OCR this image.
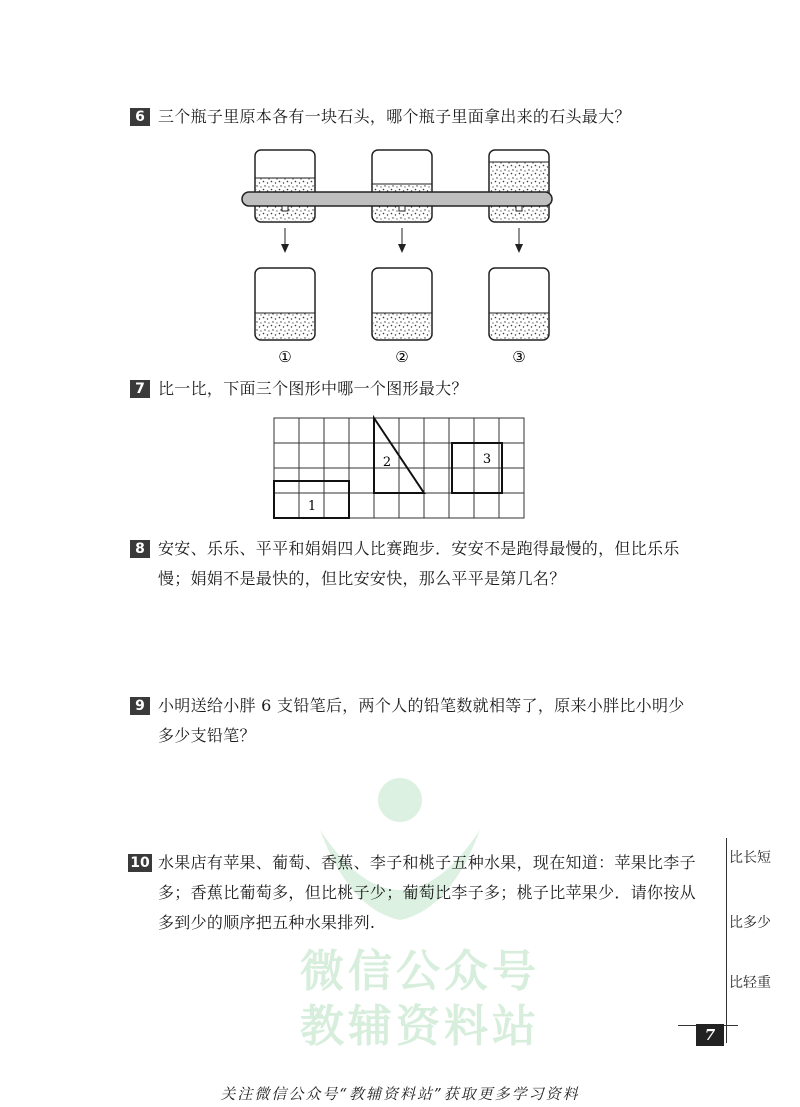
微信公众号
教辅资料站
6 三个瓶子里原本各有一块石头，哪个瓶子里面拿出来的石头最大？
①	②	③
7 比一比，下面三个图形中哪一个图形最大？
1
2	3
8 安安、乐乐、平平和娟娟四人比赛跑步．安安不是跑得最慢的，但比乐乐
慢；娟娟不是最快的，但比安安快，那么平平是第几名？
9 小明送给小胖 6 支铅笔后，两个人的铅笔数就相等了，原来小胖比小明少
多少支铅笔？
10 水果店有苹果、葡萄、香蕉、李子和桃子五种水果，现在知道：苹果比李子
多；香蕉比葡萄多，但比桃子少；葡萄比李子多；桃子比苹果少．请你按从
多到少的顺序把五种水果排列.
比长短
比多少
比轻重
7
关注微信公众号“教辅资料站”获取更多学习资料
